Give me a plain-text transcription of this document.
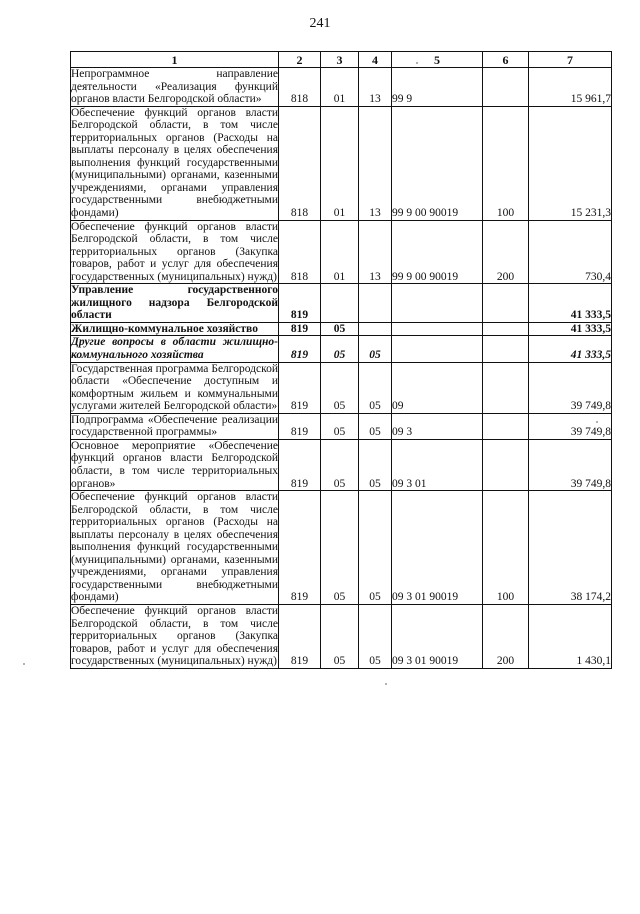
241
1	2	3	4	5	6	7
Непрограммное направление деятельности «Реализация функций органов власти Белгородской области»	818	01	13	99 9		15 961,7
Обеспечение функций органов власти Белгородской области, в том числе территориальных органов (Расходы на выплаты персоналу в целях обеспечения выполнения функций государственными (муниципальными) органами, казенными учреждениями, органами управления государственными внебюджетными фондами)	818	01	13	99 9 00 90019	100	15 231,3
Обеспечение функций органов власти Белгородской области, в том числе территориальных органов (Закупка товаров, работ и услуг для обеспечения государственных (муниципальных) нужд)	818	01	13	99 9 00 90019	200	730,4
Управление государственного жилищного надзора Белгородской области	819					41 333,5
Жилищно-коммунальное хозяйство	819	05				41 333,5
Другие вопросы в области жилищно-коммунального хозяйства	819	05	05			41 333,5
Государственная программа Белгородской области «Обеспечение доступным и комфортным жильем и коммунальными услугами жителей Белгородской области»	819	05	05	09		39 749,8
Подпрограмма «Обеспечение реализации государственной программы»	819	05	05	09 3		39 749,8
Основное мероприятие «Обеспечение функций органов власти Белгородской области, в том числе территориальных органов»	819	05	05	09 3 01		39 749,8
Обеспечение функций органов власти Белгородской области, в том числе территориальных органов (Расходы на выплаты персоналу в целях обеспечения выполнения функций государственными (муниципальными) органами, казенными учреждениями, органами управления государственными внебюджетными фондами)	819	05	05	09 3 01 90019	100	38 174,2
Обеспечение функций органов власти Белгородской области, в том числе территориальных органов (Закупка товаров, работ и услуг для обеспечения государственных (муниципальных) нужд)	819	05	05	09 3 01 90019	200	1 430,1
